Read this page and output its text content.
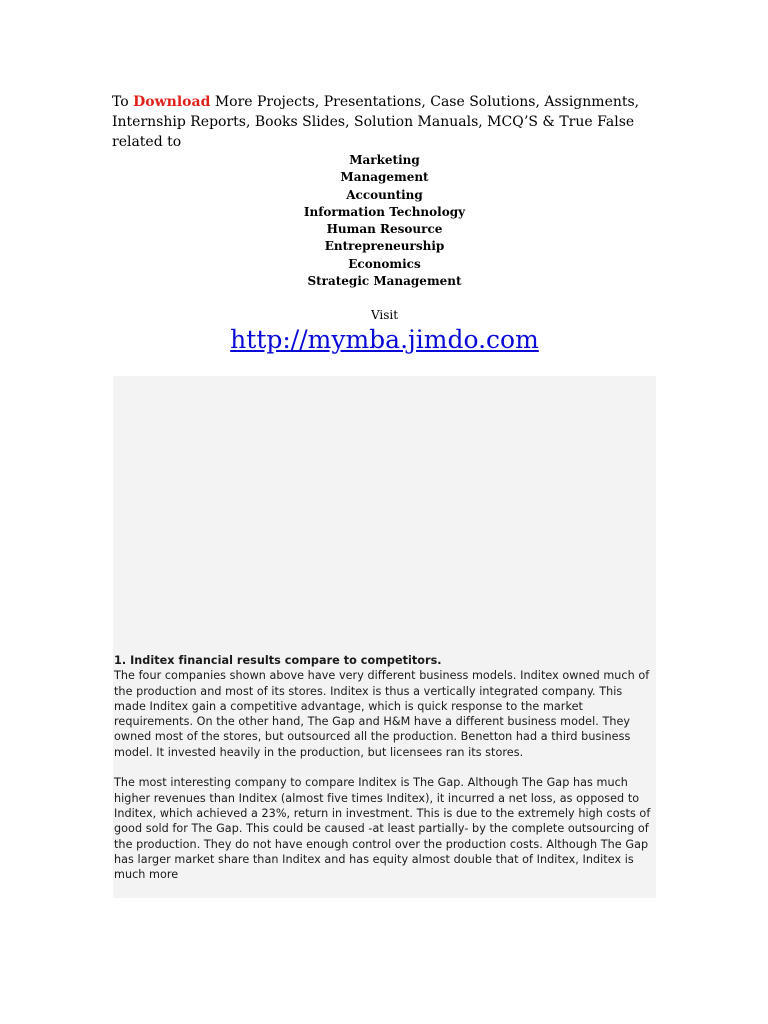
To Download More Projects, Presentations, Case Solutions, Assignments, Internship Reports, Books Slides, Solution Manuals, MCQ’S & True False related to
Marketing
Management
Accounting
Information Technology
Human Resource
Entrepreneurship
Economics
Strategic Management
Visit
http://mymba.jimdo.com
1. Inditex financial results compare to competitors.

The four companies shown above have very different business models. Inditex owned much of the production and most of its stores. Inditex is thus a vertically integrated company. This made Inditex gain a competitive advantage, which is quick response to the market requirements. On the other hand, The Gap and H&M have a different business model. They owned most of the stores, but outsourced all the production. Benetton had a third business model. It invested heavily in the production, but licensees ran its stores.

The most interesting company to compare Inditex is The Gap. Although The Gap has much higher revenues than Inditex (almost five times Inditex), it incurred a net loss, as opposed to Inditex, which achieved a 23%, return in investment. This is due to the extremely high costs of good sold for The Gap. This could be caused -at least partially- by the complete outsourcing of the production. They do not have enough control over the production costs. Although The Gap has larger market share than Inditex and has equity almost double that of Inditex, Inditex is much more
